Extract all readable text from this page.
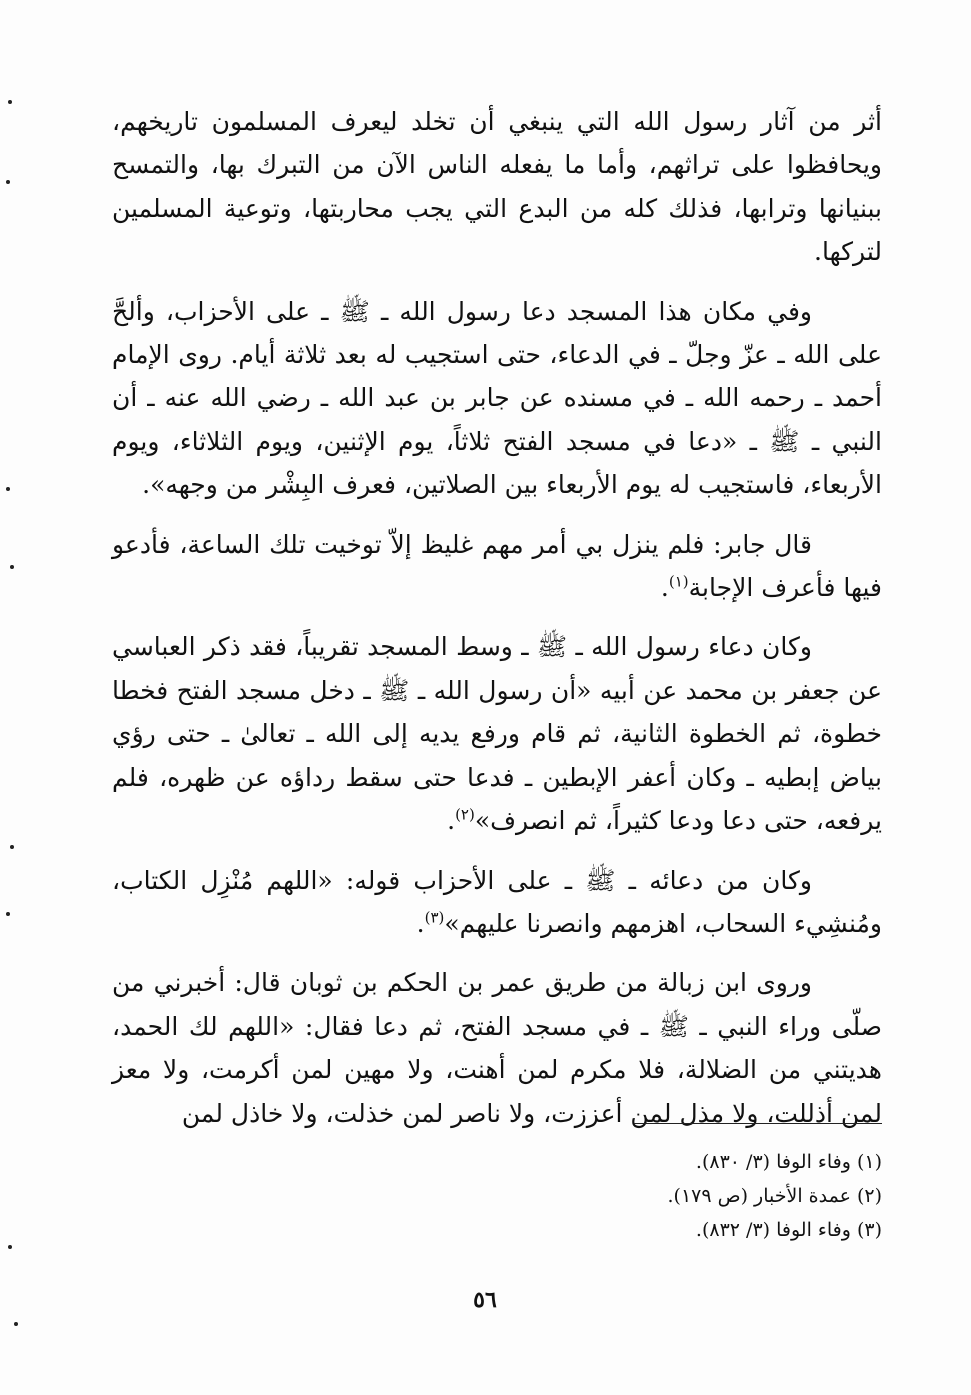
أثر من آثار رسول الله التي ينبغي أن تخلد ليعرف المسلمون تاريخهم، ويحافظوا على تراثهم، وأما ما يفعله الناس الآن من التبرك بها، والتمسح ببنيانها وترابها، فذلك كله من البدع التي يجب محاربتها، وتوعية المسلمين لتركها.

وفي مكان هذا المسجد دعا رسول الله ـ ﷺ ـ على الأحزاب، وألحَّ على الله ـ عزّ وجلّ ـ في الدعاء، حتى استجيب له بعد ثلاثة أيام. روى الإمام أحمد ـ رحمه الله ـ في مسنده عن جابر بن عبد الله ـ رضي الله عنه ـ أن النبي ـ ﷺ ـ «دعا في مسجد الفتح ثلاثاً، يوم الإثنين، ويوم الثلاثاء، ويوم الأربعاء، فاستجيب له يوم الأربعاء بين الصلاتين، فعرف البِشْر من وجهه».

قال جابر: فلم ينزل بي أمر مهم غليظ إلاّ توخيت تلك الساعة، فأدعو فيها فأعرف الإجابة$^{(١)}$.

وكان دعاء رسول الله ـ ﷺ ـ وسط المسجد تقريباً، فقد ذكر العباسي عن جعفر بن محمد عن أبيه «أن رسول الله ـ ﷺ ـ دخل مسجد الفتح فخطا خطوة، ثم الخطوة الثانية، ثم قام ورفع يديه إلى الله ـ تعالىٰ ـ حتى رؤي بياض إبطيه ـ وكان أعفر الإبطين ـ فدعا حتى سقط رداؤه عن ظهره، فلم يرفعه، حتى دعا ودعا كثيراً، ثم انصرف»$^{(٢)}$.

وكان من دعائه ـ ﷺ ـ على الأحزاب قوله: «اللهم مُنْزِل الكتاب، ومُنشِيء السحاب، اهزمهم وانصرنا عليهم»$^{(٣)}$.

وروى ابن زبالة من طريق عمر بن الحكم بن ثوبان قال: أخبرني من صلّى وراء النبي ـ ﷺ ـ في مسجد الفتح، ثم دعا فقال: «اللهم لك الحمد، هديتني من الضلالة، فلا مكرم لمن أهنت، ولا مهين لمن أكرمت، ولا معز لمن أذللت، ولا مذل لمن أعززت، ولا ناصر لمن خذلت، ولا خاذل لمن

(١) وفاء الوفا (٣/ ٨٣٠).

(٢) عمدة الأخبار (ص ١٧٩).

(٣) وفاء الوفا (٣/ ٨٣٢).

٥٦
